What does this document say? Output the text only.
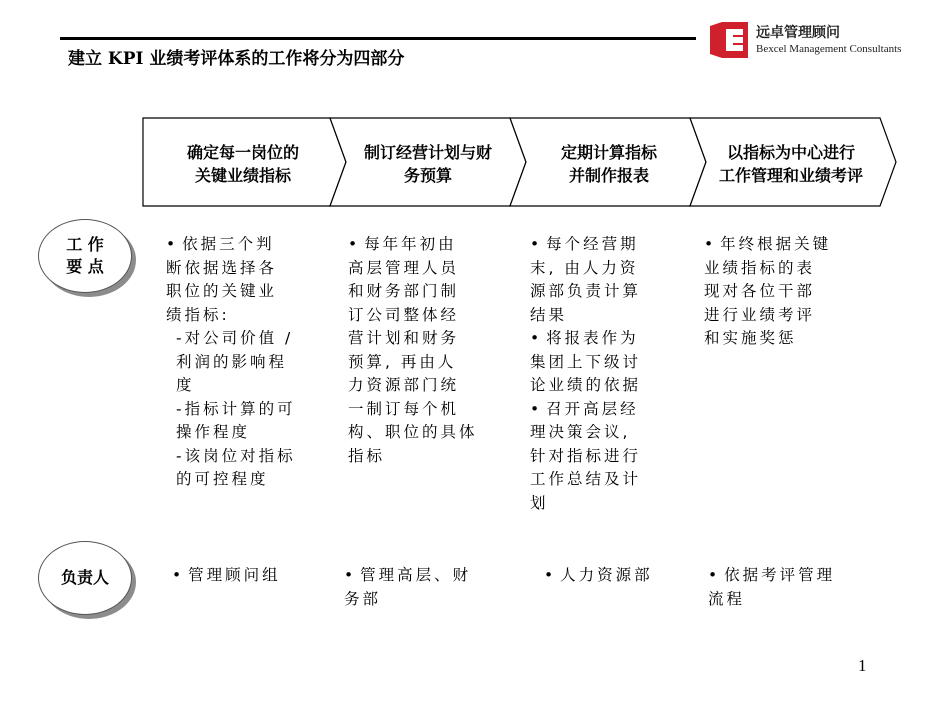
建立 KPI 业绩考评体系的工作将分为四部分
远卓管理顾问
Bexcel Management Consultants
确定每一岗位的
关键业绩指标
制订经营计划与财
务预算
定期计算指标
并制作报表
以指标为中心进行
工作管理和业绩考评
工 作
要 点
负责人
• 依据三个判
断依据选择各
职位的关键业
绩指标:
-对公司价值 /
利润的影响程
度
-指标计算的可
操作程度
-该岗位对指标
的可控程度
• 每年年初由
高层管理人员
和财务部门制
订公司整体经
营计划和财务
预算, 再由人
力资源部门统
一制订每个机
构、职位的具体
指标
• 每个经营期
末, 由人力资
源部负责计算
结果
• 将报表作为
集团上下级讨
论业绩的依据
• 召开高层经
理决策会议,
针对指标进行
工作总结及计
划
• 年终根据关键
业绩指标的表
现对各位干部
进行业绩考评
和实施奖惩
• 管理顾问组	• 管理高层、财
务部
• 人力资源部	• 依据考评管理
流程
1
